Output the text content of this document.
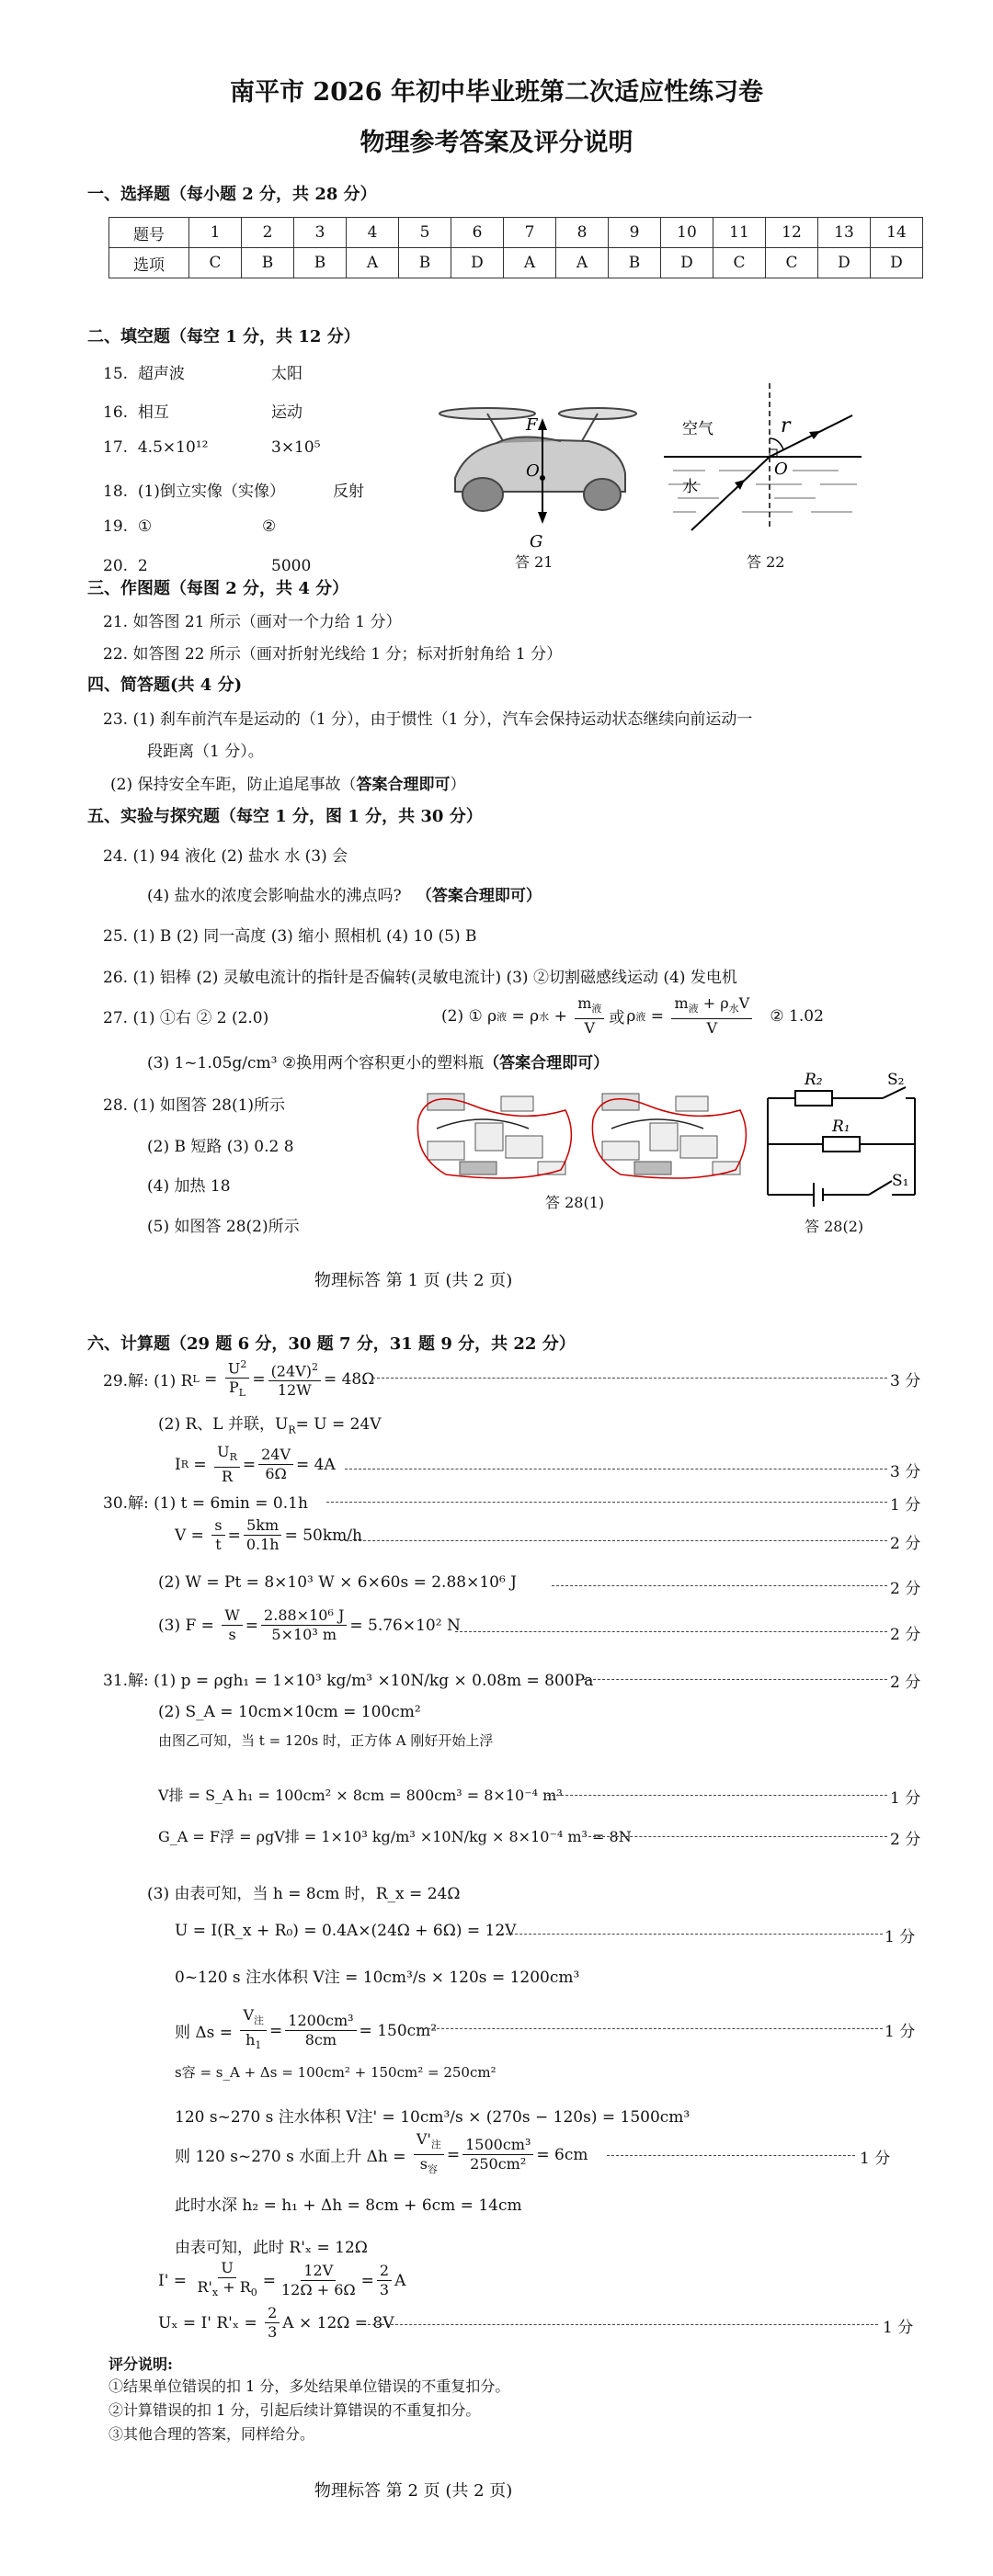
南平市 2026 年初中毕业班第二次适应性练习卷
物理参考答案及评分说明
一、选择题（每小题 2 分，共 28 分）
题号	1	2	3	4	5	6	7	8	9	10	11	12	13	14
选项	C	B	B	A	B	D	A	A	B	D	C	C	D	D
二、填空题（每空 1 分，共 12 分）
15. 超声波	太阳
16. 相互	运动
17. 4.5×10¹²	3×10⁵
18. (1)倒立实像（实像）	反射
19. ①	②
20. 2	5000
F
O
G
答 21
空气
水
r
O
答 22
三、作图题（每图 2 分，共 4 分）
21. 如答图 21 所示（画对一个力给 1 分）
22. 如答图 22 所示（画对折射光线给 1 分；标对折射角给 1 分）
四、简答题(共 4 分)
23. (1) 刹车前汽车是运动的（1 分），由于惯性（1 分），汽车会保持运动状态继续向前运动一
段距离（1 分）。
(2) 保持安全车距，防止追尾事故（答案合理即可）
五、实验与探究题（每空 1 分，图 1 分，共 30 分）
24. (1) 94 液化 (2) 盐水 水 (3) 会
(4) 盐水的浓度会影响盐水的沸点吗? （答案合理即可）
25. (1) B (2) 同一高度 (3) 缩小 照相机 (4) 10 (5) B
26. (1) 铝棒 (2) 灵敏电流计的指针是否偏转(灵敏电流计) (3) ②切割磁感线运动 (4) 发电机
27. (1) ①右 ② 2 (2.0)	(2) ① ρ 液 = ρ 水 + $\frac{m_液}{V}$ 或 ρ 液 = $\frac{m_液 + \rho_水V}{V}$
② 1.02
(3) 1~1.05g/cm³ ②换用两个容积更小的塑料瓶（答案合理即可）
28. (1) 如图答 28(1)所示
(2) B 短路 (3) 0.2 8
(4) 加热 18
(5) 如图答 28(2)所示
答 28(1)
R₂	S₂
R₁
S₁
答 28(2)
物理标答 第 1 页 (共 2 页)
六、计算题（29 题 6 分，30 题 7 分，31 题 9 分，共 22 分）
29.解: (1) R $L = \frac{U^2}{P_L} = \frac{(24V)^2}{12W} = 48\Omega$	3 分
(2) R、L 并联，$U_R= U = 24V$
I $R = \frac{U_R}{R} = \frac{24V}{6\Omega} = 4A$	3 分
30.解: (1) t = 6min = 0.1h	1 分
$V = \frac{s}{t} = \frac{5km}{0.1h} = 50km/h$	2 分
(2) W = Pt = 8×10³ W × 6×60s = 2.88×10⁶ J	2 分
(3) $F = \frac{W}{s} = \frac{\text{2.88×10⁶ J}}{\text{5×10³ m}} = 5.76\times 10^2$ N
2 分
31.解: (1) p = ρgh₁ = 1×10³ kg/m³ ×10N/kg × 0.08m = 800Pa	2 分
(2) S_A = 10cm×10cm = 100cm²
由图乙可知，当 t = 120s 时，正方体 A 刚好开始上浮
V排 = S_A h₁ = 100cm² × 8cm = 800cm³ = 8×10⁻⁴ m³	1 分
G_A = F浮 = ρgV排 = 1×10³ kg/m³ ×10N/kg × 8×10⁻⁴ m³ = 8N	2 分
(3) 由表可知，当 h = 8cm 时，R_x = 24Ω
U = I(R_x + R₀) = 0.4A×(24Ω + 6Ω) = 12V	1 分
0~120 s 注水体积 V注 = 10cm³/s × 120s = 1200cm³
则 Δs =
$\frac{V_注}{h_1} = \frac{\text{1200cm³}}{8cm} = 150cm^2$	1 分
s容 = s_A + Δs = 100cm² + 150cm² = 250cm²
120 s~270 s 注水体积 V注' = 10cm³/s × (270s − 120s) = 1500cm³
则 120 s~270 s 水面上升 Δh =
$\frac{V'_注}{s_容} = \frac{\text{1500cm³}}{\text{250cm²}} = 6cm$	1 分
此时水深 h₂ = h₁ + Δh = 8cm + 6cm = 14cm
由表可知，此时 R'ₓ = 12Ω
I' =
$\frac{U}{R'_x + R_0} = \frac{12V}{12\Omega + 6\Omega} = \frac{2}{3}$ A
Uₓ = I' R'ₓ =
$\frac{2}{3}$ A × 12Ω = 8V	1 分
评分说明:
①结果单位错误的扣 1 分，多处结果单位错误的不重复扣分。
②计算错误的扣 1 分，引起后续计算错误的不重复扣分。
③其他合理的答案，同样给分。
物理标答 第 2 页 (共 2 页)
